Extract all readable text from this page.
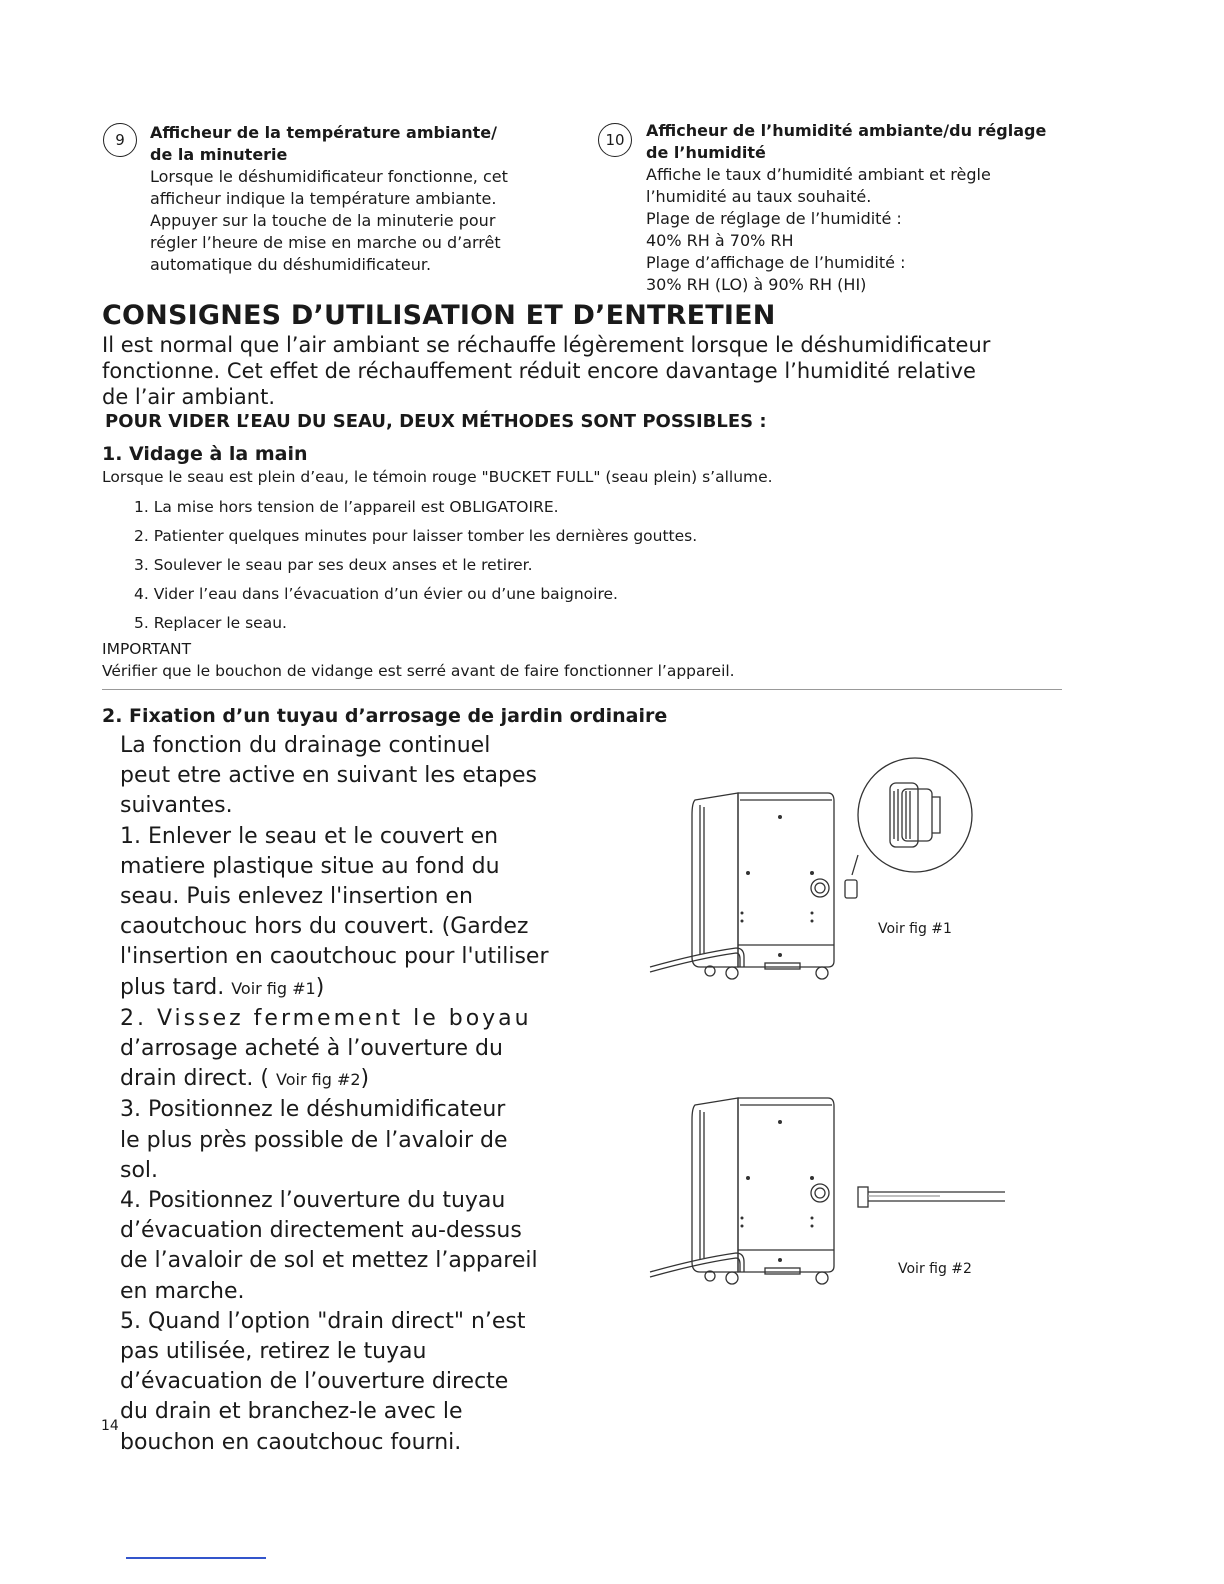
9 Afficheur de la température ambiante/
de la minuterie
Lorsque le déshumidificateur fonctionne, cet
afficheur indique la température ambiante.
Appuyer sur la touche de la minuterie pour
régler l’heure de mise en marche ou d’arrêt
automatique du déshumidificateur.
10 Afficheur de l’humidité ambiante/du réglage
de l’humidité
Affiche le taux d’humidité ambiant et règle
l’humidité au taux souhaité.
Plage de réglage de l’humidité :
40% RH à 70% RH
Plage d’affichage de l’humidité :
30% RH (LO) à 90% RH (HI)
CONSIGNES D’UTILISATION ET D’ENTRETIEN
Il est normal que l’air ambiant se réchauffe légèrement lorsque le déshumidificateur
fonctionne. Cet effet de réchauffement réduit encore davantage l’humidité relative
de l’air ambiant.
POUR VIDER L’EAU DU SEAU, DEUX MÉTHODES SONT POSSIBLES :
1. Vidage à la main
Lorsque le seau est plein d’eau, le témoin rouge "BUCKET FULL" (seau plein) s’allume.
1. La mise hors tension de l’appareil est OBLIGATOIRE.
2. Patienter quelques minutes pour laisser tomber les dernières gouttes.
3. Soulever le seau par ses deux anses et le retirer.
4. Vider l’eau dans l’évacuation d’un évier ou d’une baignoire.
5. Replacer le seau.
IMPORTANT
Vérifier que le bouchon de vidange est serré avant de faire fonctionner l’appareil.
2. Fixation d’un tuyau d’arrosage de jardin ordinaire
La fonction du drainage continuel
peut etre active en suivant les etapes
suivantes.
1. Enlever le seau et le couvert en
matiere plastique situe au fond du
seau. Puis enlevez l'insertion en
caoutchouc hors du couvert. (Gardez
l'insertion en caoutchouc pour l'utiliser
plus tard. Voir fig #1)
2. Vissez fermement le boyau
d’arrosage acheté à l’ouverture du
drain direct. ( Voir fig #2)
3. Positionnez le déshumidificateur
le plus près possible de l’avaloir de
sol.
4. Positionnez l’ouverture du tuyau
d’évacuation directement au-dessus
de l’avaloir de sol et mettez l’appareil
en marche.
5. Quand l’option "drain direct" n’est
pas utilisée, retirez le tuyau
d’évacuation de l’ouverture directe
du drain et branchez-le avec le
bouchon en caoutchouc fourni.
14
Voir fig #1
Voir fig #2
